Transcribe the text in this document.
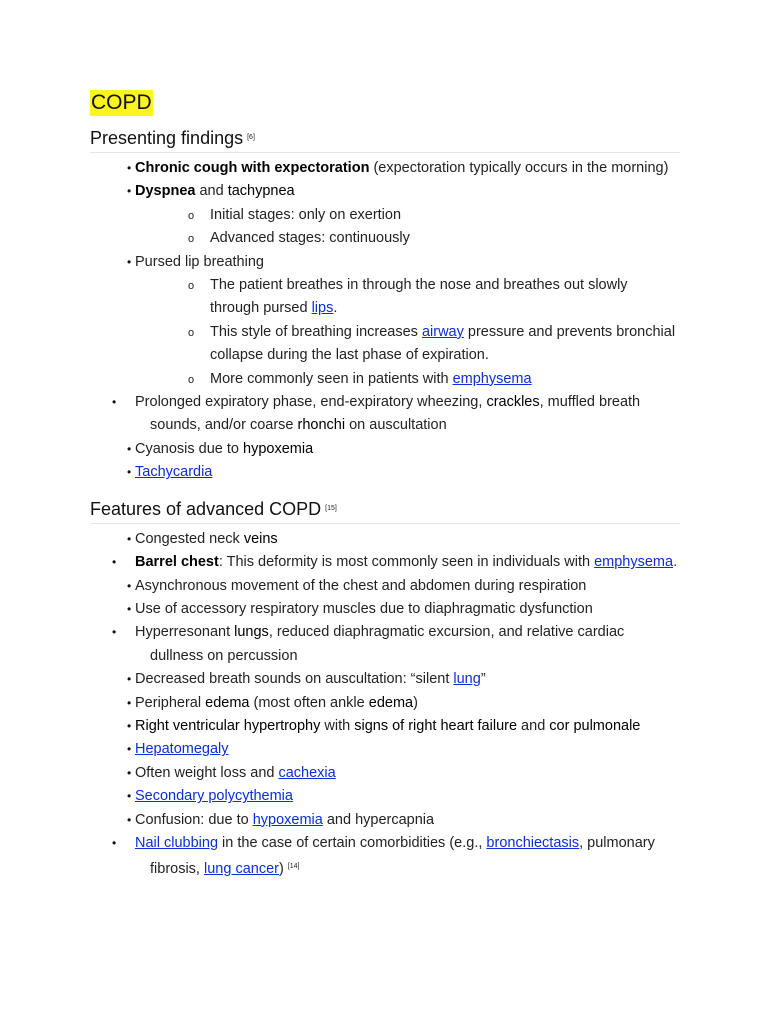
COPD
Presenting findings [6]
• Chronic cough with expectoration (expectoration typically occurs in the morning)
• Dyspnea and tachypnea
o Initial stages: only on exertion
o Advanced stages: continuously
• Pursed lip breathing
o The patient breathes in through the nose and breathes out slowly through pursed lips.
o This style of breathing increases airway pressure and prevents bronchial collapse during the last phase of expiration.
o More commonly seen in patients with emphysema
• Prolonged expiratory phase, end-expiratory wheezing, crackles, muffled breath sounds, and/or coarse rhonchi on auscultation
• Cyanosis due to hypoxemia
• Tachycardia
Features of advanced COPD [15]
• Congested neck veins
• Barrel chest: This deformity is most commonly seen in individuals with emphysema.
• Asynchronous movement of the chest and abdomen during respiration
• Use of accessory respiratory muscles due to diaphragmatic dysfunction
• Hyperresonant lungs, reduced diaphragmatic excursion, and relative cardiac dullness on percussion
• Decreased breath sounds on auscultation: “silent lung”
• Peripheral edema (most often ankle edema)
• Right ventricular hypertrophy with signs of right heart failure and cor pulmonale
• Hepatomegaly
• Often weight loss and cachexia
• Secondary polycythemia
• Confusion: due to hypoxemia and hypercapnia
• Nail clubbing in the case of certain comorbidities (e.g., bronchiectasis, pulmonary fibrosis, lung cancer) [14]
